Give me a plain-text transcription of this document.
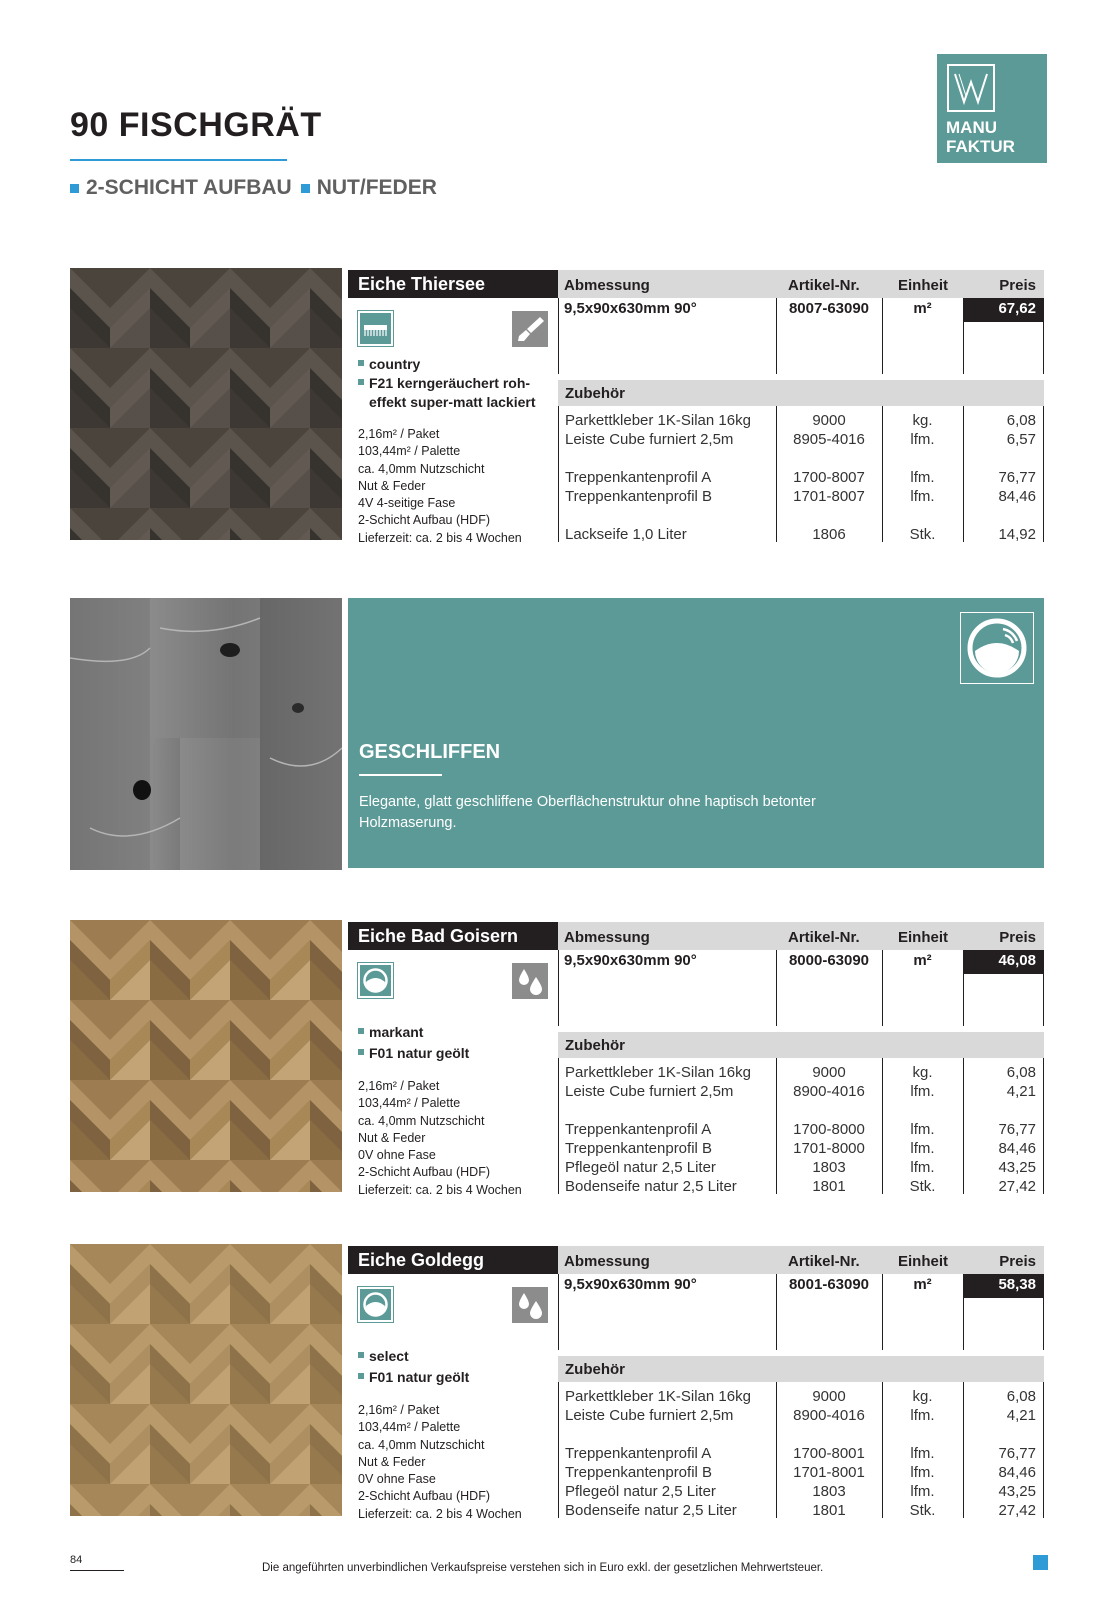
90 FISCHGRÄT
2-SCHICHT AUFBAU NUT/FEDER
MANU
FAKTUR
Eiche Thiersee
country
F21 kerngeräuchert roh-
effekt super-matt lackiert
2,16m² / Paket
103,44m² / Palette
ca. 4,0mm Nutzschicht
Nut & Feder
4V 4-seitige Fase
2-Schicht Aufbau (HDF)
Lieferzeit: ca. 2 bis 4 Wochen
Abmessung	Artikel-Nr.	Einheit	Preis
9,5x90x630mm 90°	8007-63090	m²	67,62
Zubehör
Parkettkleber 1K-Silan 16kg	9000	kg.	6,08
Leiste Cube furniert 2,5m	8905-4016	lfm.	6,57
Treppenkantenprofil A	1700-8007	lfm.	76,77
Treppenkantenprofil B	1701-8007	lfm.	84,46
Lackseife 1,0 Liter	1806	Stk.	14,92
GESCHLIFFEN
Elegante, glatt geschliffene Oberflächenstruktur ohne haptisch betonter Holzmaserung.
Eiche Bad Goisern
markant
F01 natur geölt
2,16m² / Paket
103,44m² / Palette
ca. 4,0mm Nutzschicht
Nut & Feder
0V ohne Fase
2-Schicht Aufbau (HDF)
Lieferzeit: ca. 2 bis 4 Wochen
Abmessung	Artikel-Nr.	Einheit	Preis
9,5x90x630mm 90°	8000-63090	m²	46,08
Zubehör
Parkettkleber 1K-Silan 16kg	9000	kg.	6,08
Leiste Cube furniert 2,5m	8900-4016	lfm.	4,21
Treppenkantenprofil A	1700-8000	lfm.	76,77
Treppenkantenprofil B	1701-8000	lfm.	84,46
Pflegeöl natur 2,5 Liter	1803	lfm.	43,25
Bodenseife natur 2,5 Liter	1801	Stk.	27,42
Eiche Goldegg
select
F01 natur geölt
2,16m² / Paket
103,44m² / Palette
ca. 4,0mm Nutzschicht
Nut & Feder
0V ohne Fase
2-Schicht Aufbau (HDF)
Lieferzeit: ca. 2 bis 4 Wochen
Abmessung	Artikel-Nr.	Einheit	Preis
9,5x90x630mm 90°	8001-63090	m²	58,38
Zubehör
Parkettkleber 1K-Silan 16kg	9000	kg.	6,08
Leiste Cube furniert 2,5m	8900-4016	lfm.	4,21
Treppenkantenprofil A	1700-8001	lfm.	76,77
Treppenkantenprofil B	1701-8001	lfm.	84,46
Pflegeöl natur 2,5 Liter	1803	lfm.	43,25
Bodenseife natur 2,5 Liter	1801	Stk.	27,42
84
Die angeführten unverbindlichen Verkaufspreise verstehen sich in Euro exkl. der gesetzlichen Mehrwertsteuer.
